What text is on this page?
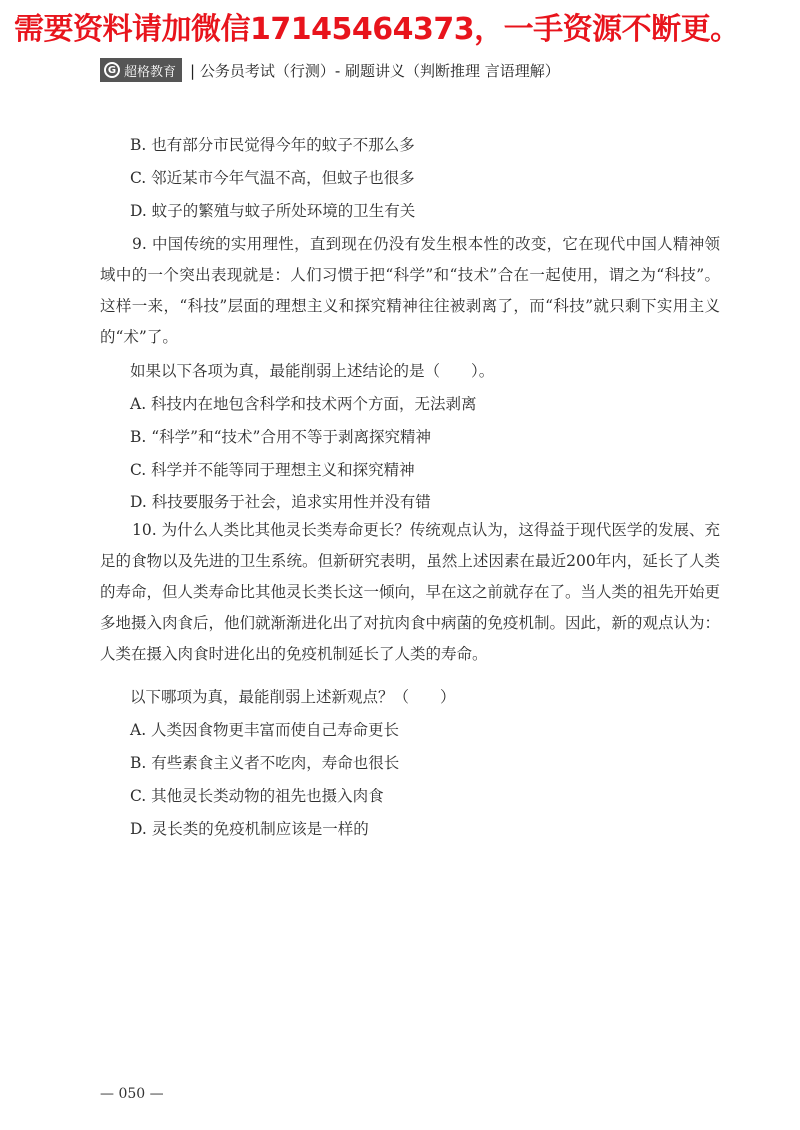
需要资料请加微信17145464373，一手资源不断更。
G 超格教育 | 公务员考试（行测）- 刷题讲义（判断推理 言语理解）
B. 也有部分市民觉得今年的蚊子不那么多
C. 邻近某市今年气温不高，但蚊子也很多
D. 蚊子的繁殖与蚊子所处环境的卫生有关
9. 中国传统的实用理性，直到现在仍没有发生根本性的改变，它在现代中国人精神领域中的一个突出表现就是：人们习惯于把“科学”和“技术”合在一起使用，谓之为“科技”。这样一来，“科技”层面的理想主义和探究精神往往被剥离了，而“科技”就只剩下实用主义的“术”了。
如果以下各项为真，最能削弱上述结论的是（　　）。
A. 科技内在地包含科学和技术两个方面，无法剥离
B. “科学”和“技术”合用不等于剥离探究精神
C. 科学并不能等同于理想主义和探究精神
D. 科技要服务于社会，追求实用性并没有错
10. 为什么人类比其他灵长类寿命更长？传统观点认为，这得益于现代医学的发展、充足的食物以及先进的卫生系统。但新研究表明，虽然上述因素在最近200年内，延长了人类的寿命，但人类寿命比其他灵长类长这一倾向，早在这之前就存在了。当人类的祖先开始更多地摄入肉食后，他们就渐渐进化出了对抗肉食中病菌的免疫机制。因此，新的观点认为：人类在摄入肉食时进化出的免疫机制延长了人类的寿命。
以下哪项为真，最能削弱上述新观点？（　　）
A. 人类因食物更丰富而使自己寿命更长
B. 有些素食主义者不吃肉，寿命也很长
C. 其他灵长类动物的祖先也摄入肉食
D. 灵长类的免疫机制应该是一样的
— 050 —
